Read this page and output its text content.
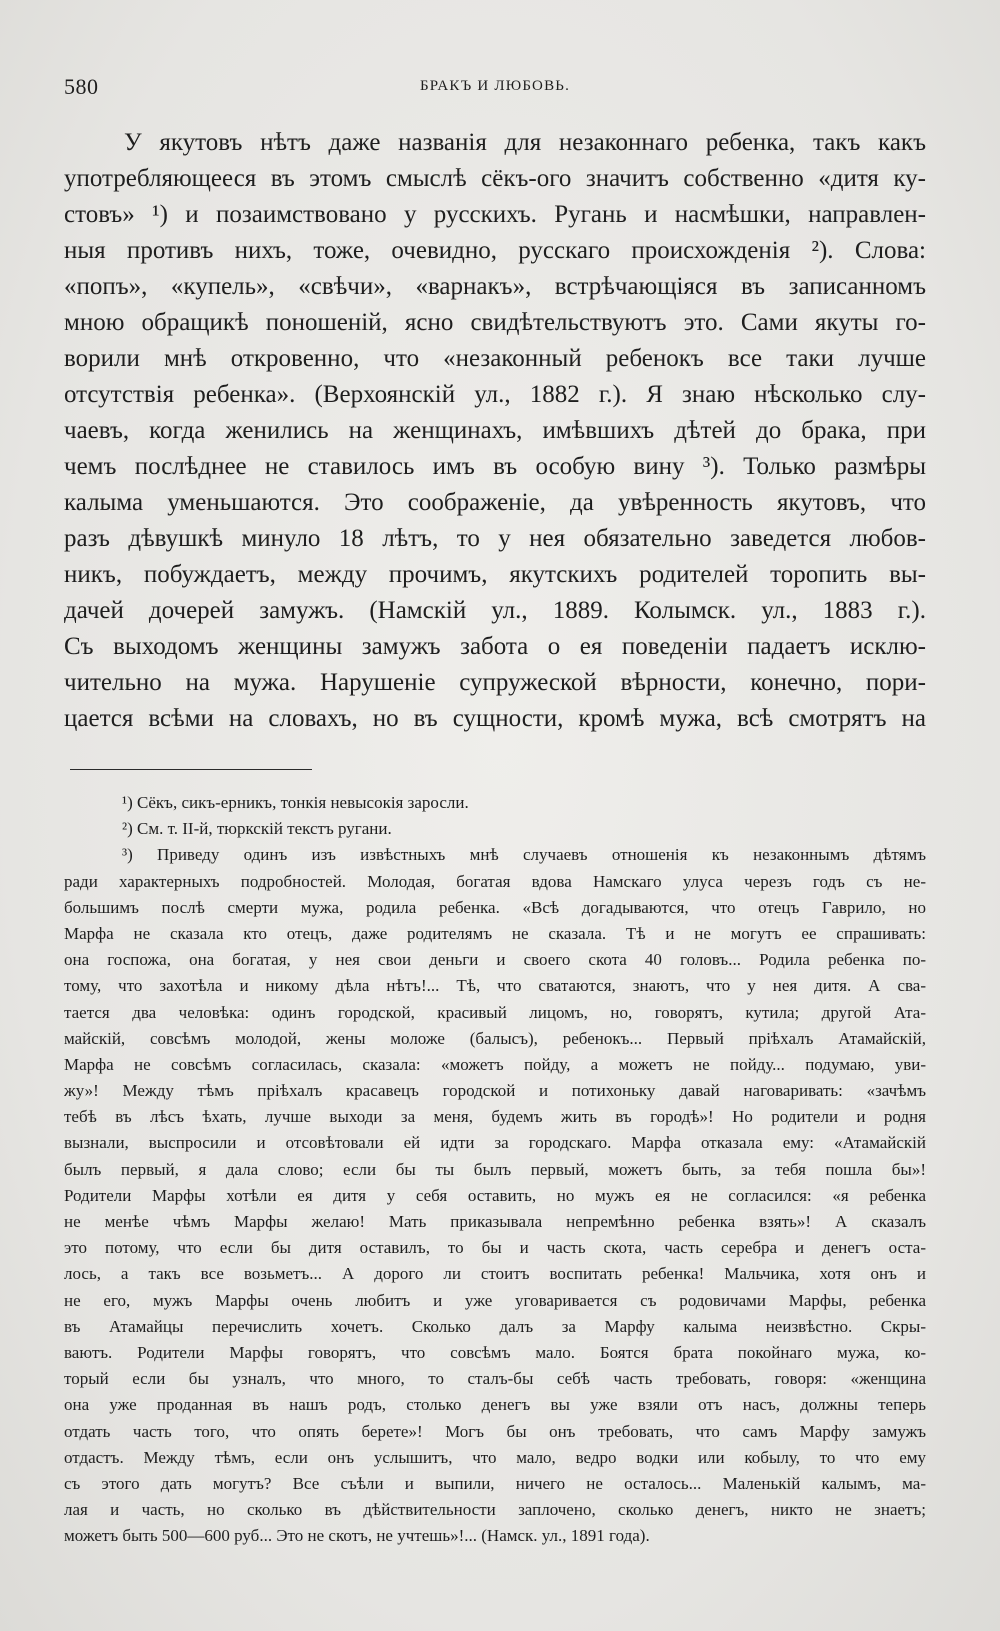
580	БРАКЪ И ЛЮБОВЬ.
У якутовъ нѣтъ даже названія для незаконнаго ребенка, такъ какъ
употребляющееся въ этомъ смыслѣ сёкъ-ого значитъ собственно «дитя ку-
стовъ» ¹) и позаимствовано у русскихъ. Ругань и насмѣшки, направлен-
ныя противъ нихъ, тоже, очевидно, русскаго происхожденія ²). Слова:
«попъ», «купель», «свѣчи», «варнакъ», встрѣчающіяся въ записанномъ
мною обращикѣ поношеній, ясно свидѣтельствуютъ это. Сами якуты го-
ворили мнѣ откровенно, что «незаконный ребенокъ все таки лучше
отсутствія ребенка». (Верхоянскій ул., 1882 г.). Я знаю нѣсколько слу-
чаевъ, когда женились на женщинахъ, имѣвшихъ дѣтей до брака, при
чемъ послѣднее не ставилось имъ въ особую вину ³). Только размѣры
калыма уменьшаются. Это соображеніе, да увѣренность якутовъ, что
разъ дѣвушкѣ минуло 18 лѣтъ, то у нея обязательно заведется любов-
никъ, побуждаетъ, между прочимъ, якутскихъ родителей торопить вы-
дачей дочерей замужъ. (Намскій ул., 1889. Колымск. ул., 1883 г.).
Съ выходомъ женщины замужъ забота о ея поведеніи падаетъ исклю-
чительно на мужа. Нарушеніе супружеской вѣрности, конечно, пори-
цается всѣми на словахъ, но въ сущности, кромѣ мужа, всѣ смотрятъ на
¹) Сёкъ, сикъ-ерникъ, тонкія невысокія заросли.
²) См. т. II-й, тюркскій текстъ ругани.
³) Приведу одинъ изъ извѣстныхъ мнѣ случаевъ отношенія къ незаконнымъ дѣтямъ
ради характерныхъ подробностей. Молодая, богатая вдова Намскаго улуса черезъ годъ съ не-
большимъ послѣ смерти мужа, родила ребенка. «Всѣ догадываются, что отецъ Гаврило, но
Марфа не сказала кто отецъ, даже родителямъ не сказала. Тѣ и не могутъ ее спрашивать:
она госпожа, она богатая, у нея свои деньги и своего скота 40 головъ... Родила ребенка по-
тому, что захотѣла и никому дѣла нѣтъ!... Тѣ, что сватаются, знаютъ, что у нея дитя. А сва-
тается два человѣка: одинъ городской, красивый лицомъ, но, говорятъ, кутила; другой Ата-
майскій, совсѣмъ молодой, жены моложе (балысъ), ребенокъ... Первый пріѣхалъ Атамайскій,
Марфа не совсѣмъ согласилась, сказала: «можетъ пойду, а можетъ не пойду... подумаю, уви-
жу»! Между тѣмъ пріѣхалъ красавецъ городской и потихоньку давай наговаривать: «зачѣмъ
тебѣ въ лѣсъ ѣхать, лучше выходи за меня, будемъ жить въ городѣ»! Но родители и родня
вызнали, выспросили и отсовѣтовали ей идти за городскаго. Марфа отказала ему: «Атамайскій
былъ первый, я дала слово; если бы ты былъ первый, можетъ быть, за тебя пошла бы»!
Родители Марфы хотѣли ея дитя у себя оставить, но мужъ ея не согласился: «я ребенка
не менѣе чѣмъ Марфы желаю! Мать приказывала непремѣнно ребенка взять»! А сказалъ
это потому, что если бы дитя оставилъ, то бы и часть скота, часть серебра и денегъ оста-
лось, а такъ все возьметъ... А дорого ли стоитъ воспитать ребенка! Мальчика, хотя онъ и
не его, мужъ Марфы очень любитъ и уже уговаривается съ родовичами Марфы, ребенка
въ Атамайцы перечислить хочетъ. Сколько далъ за Марфу калыма неизвѣстно. Скры-
ваютъ. Родители Марфы говорятъ, что совсѣмъ мало. Боятся брата покойнаго мужа, ко-
торый если бы узналъ, что много, то сталъ-бы себѣ часть требовать, говоря: «женщина
она уже проданная въ нашъ родъ, столько денегъ вы уже взяли отъ насъ, должны теперь
отдать часть того, что опять берете»! Могъ бы онъ требовать, что самъ Марфу замужъ
отдастъ. Между тѣмъ, если онъ услышитъ, что мало, ведро водки или кобылу, то что ему
съ этого дать могутъ? Все съѣли и выпили, ничего не осталось... Маленькій калымъ, ма-
лая и часть, но сколько въ дѣйствительности заплочено, сколько денегъ, никто не знаетъ;
можетъ быть 500—600 руб... Это не скотъ, не учтешь»!... (Намск. ул., 1891 года).
